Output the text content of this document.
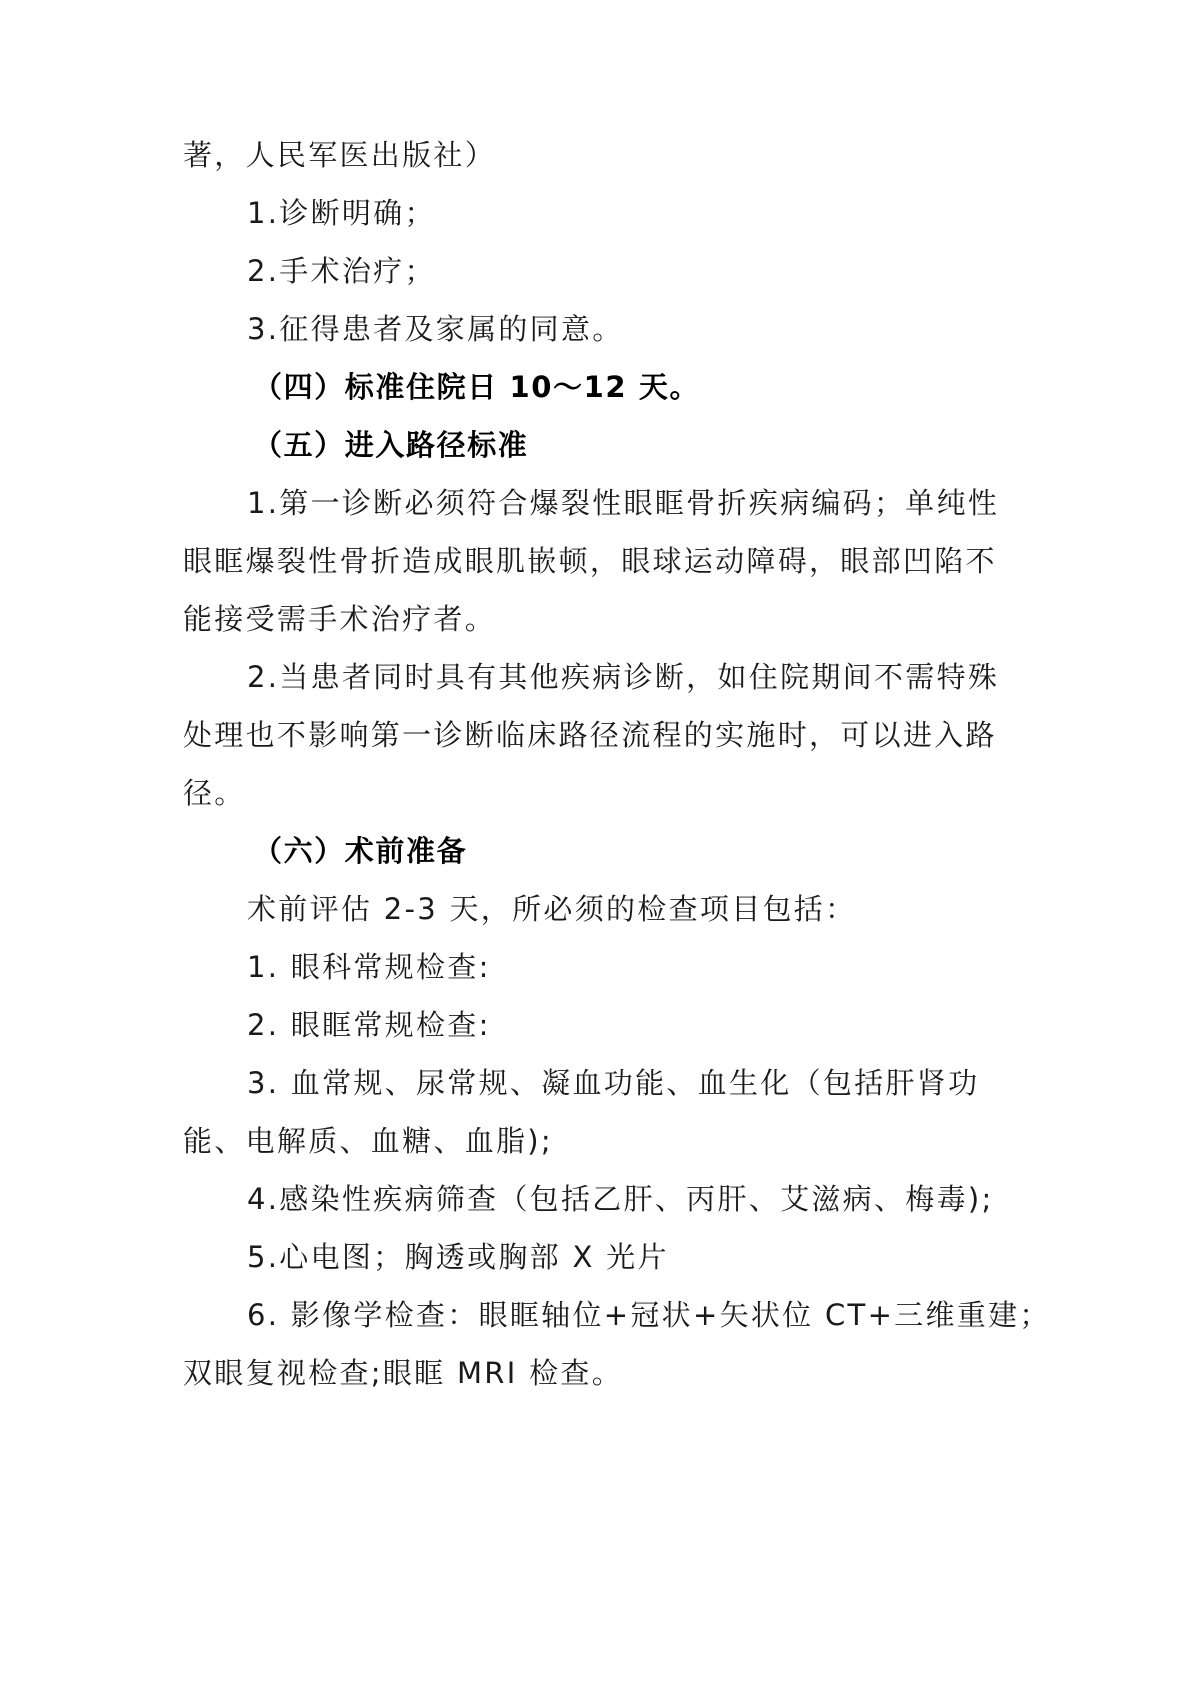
著，人民军医出版社）
1.诊断明确；
2.手术治疗；
3.征得患者及家属的同意。
（四）标准住院日 10～12 天。
（五）进入路径标准
1.第一诊断必须符合爆裂性眼眶骨折疾病编码；单纯性
眼眶爆裂性骨折造成眼肌嵌顿，眼球运动障碍，眼部凹陷不
能接受需手术治疗者。
2.当患者同时具有其他疾病诊断，如住院期间不需特殊
处理也不影响第一诊断临床路径流程的实施时，可以进入路
径。
（六）术前准备
术前评估 2-3 天，所必须的检查项目包括：
1. 眼科常规检查:
2. 眼眶常规检查:
3. 血常规、尿常规、凝血功能、血生化（包括肝肾功
能、电解质、血糖、血脂);
4.感染性疾病筛查（包括乙肝、丙肝、艾滋病、梅毒);
5.心电图；胸透或胸部 X 光片
6. 影像学检查：眼眶轴位+冠状+矢状位 CT+三维重建；
双眼复视检查;眼眶 MRI 检查。
